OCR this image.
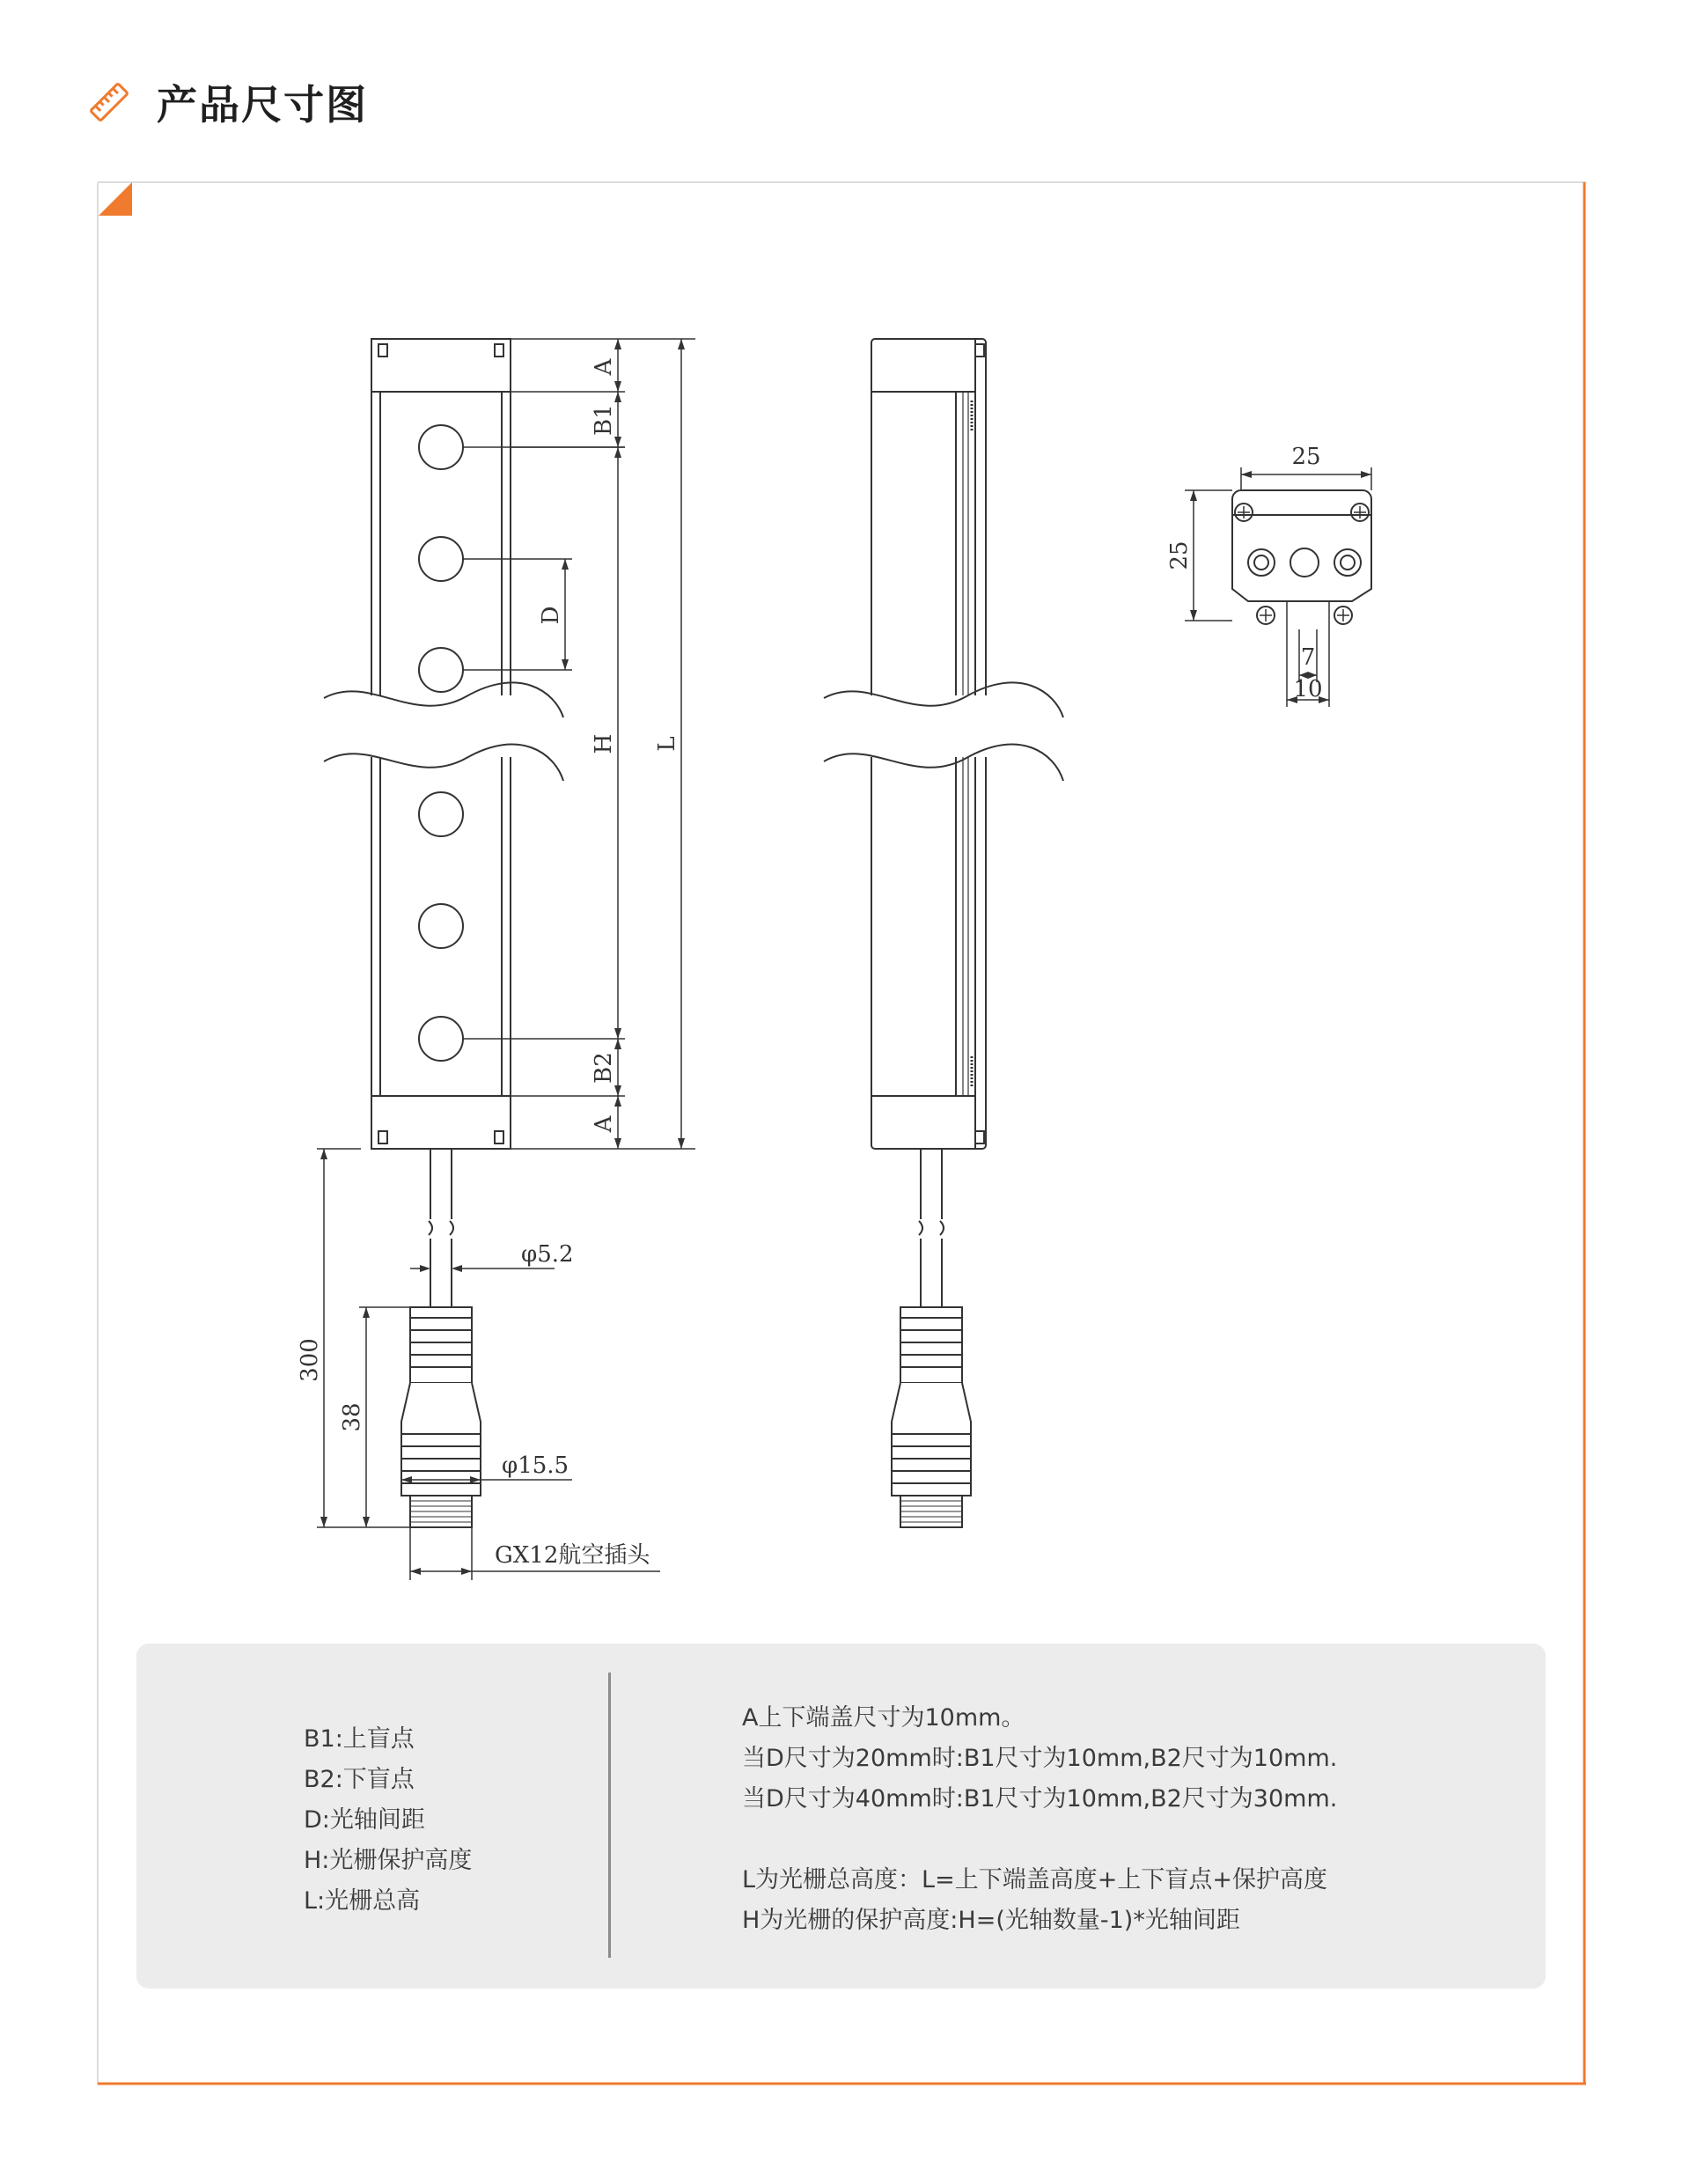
产品尺寸图
A
B1
D
H
B2
A
L
300
38
φ5.2
φ15.5
GX12航空插头
25
25
7
10
B1:上盲点
B2:下盲点
D:光轴间距
H:光栅保护高度
L:光栅总高
A上下端盖尺寸为10mm。
当D尺寸为20mm时:B1尺寸为10mm,B2尺寸为10mm.
当D尺寸为40mm时:B1尺寸为10mm,B2尺寸为30mm.
L为光栅总高度：L=上下端盖高度+上下盲点+保护高度
H为光栅的保护高度:H=(光轴数量-1)*光轴间距
